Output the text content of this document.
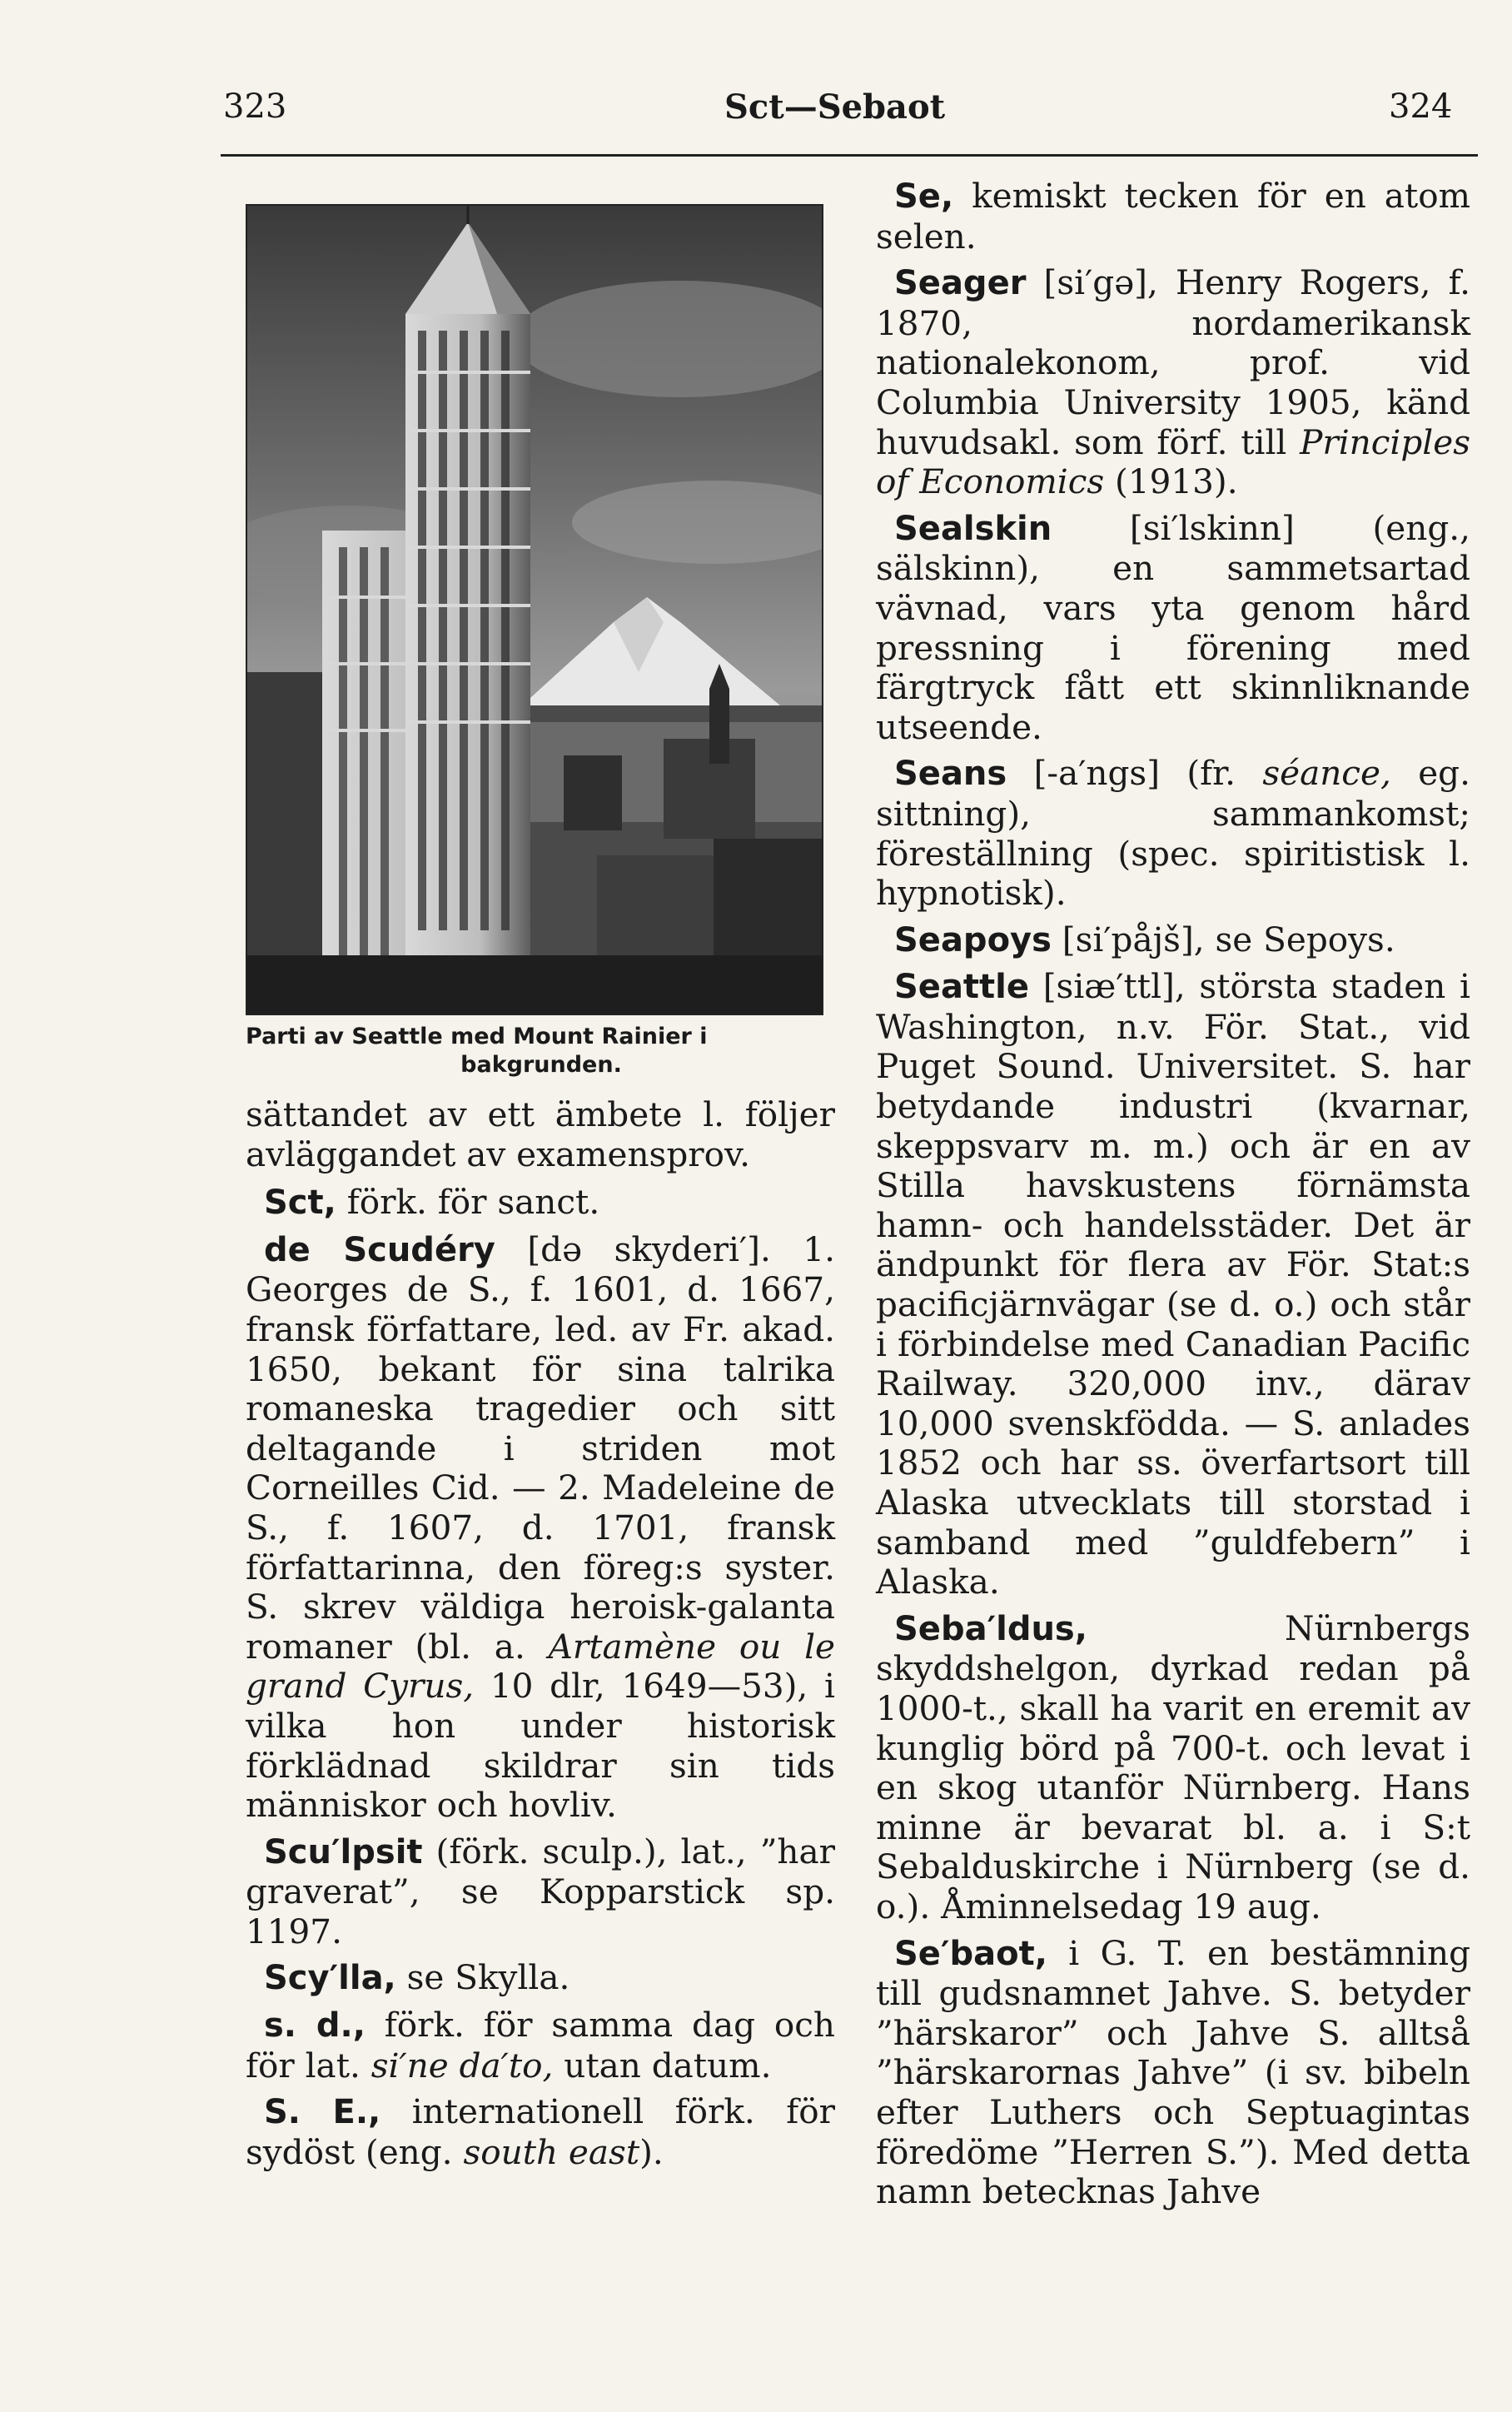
323	Sct—Sebaot	324
Parti av Seattle med Mount Rainier i
bakgrunden.

sättandet av ett ämbete l. följer avläggandet av examensprov.

Sct, förk. för sanct.

de Scudéry [də skyderi′]. 1. Georges de S., f. 1601, d. 1667, fransk författare, led. av Fr. akad. 1650, bekant för sina talrika romaneska tragedier och sitt deltagande i striden mot Corneilles Cid. — 2. Madeleine de S., f. 1607, d. 1701, fransk författarinna, den föreg:s syster. S. skrev väldiga heroisk-galanta romaner (bl. a. Artamène ou le grand Cyrus, 10 dlr, 1649—53), i vilka hon under historisk förklädnad skildrar sin tids människor och hovliv.

Scu′lpsit (förk. sculp.), lat., ”har graverat”, se Kopparstick sp. 1197.

Scy′lla, se Skylla.

s. d., förk. för samma dag och för lat. si′ne da′to, utan datum.

S. E., internationell förk. för sydöst (eng. south east).

Se, kemiskt tecken för en atom selen.

Seager [si′gə], Henry Rogers, f. 1870, nordamerikansk nationalekonom, prof. vid Columbia University 1905, känd huvudsakl. som förf. till Principles of Economics (1913).

Sealskin [si′lskinn] (eng., sälskinn), en sammetsartad vävnad, vars yta genom hård pressning i förening med färgtryck fått ett skinnliknande utseende.

Seans [-a′ngs] (fr. séance, eg. sittning), sammankomst; föreställning (spec. spiritistisk l. hypnotisk).

Seapoys [si′påjš], se Sepoys.

Seattle [siæ′ttl], största staden i Washington, n.v. För. Stat., vid Puget Sound. Universitet. S. har betydande industri (kvarnar, skeppsvarv m. m.) och är en av Stilla havskustens förnämsta hamn- och handelsstäder. Det är ändpunkt för flera av För. Stat:s pacificjärnvägar (se d. o.) och står i förbindelse med Canadian Pacific Railway. 320,000 inv., därav 10,000 svenskfödda. — S. anlades 1852 och har ss. överfartsort till Alaska utvecklats till storstad i samband med ”guldfebern” i Alaska.

Seba′ldus, Nürnbergs skyddshelgon, dyrkad redan på 1000-t., skall ha varit en eremit av kunglig börd på 700-t. och levat i en skog utanför Nürnberg. Hans minne är bevarat bl. a. i S:t Sebalduskirche i Nürnberg (se d. o.). Åminnelsedag 19 aug.

Se′baot, i G. T. en bestämning till gudsnamnet Jahve. S. betyder ”härskaror” och Jahve S. alltså ”härskarornas Jahve” (i sv. bibeln efter Luthers och Septuagintas föredöme ”Herren S.”). Med detta namn betecknas Jahve
